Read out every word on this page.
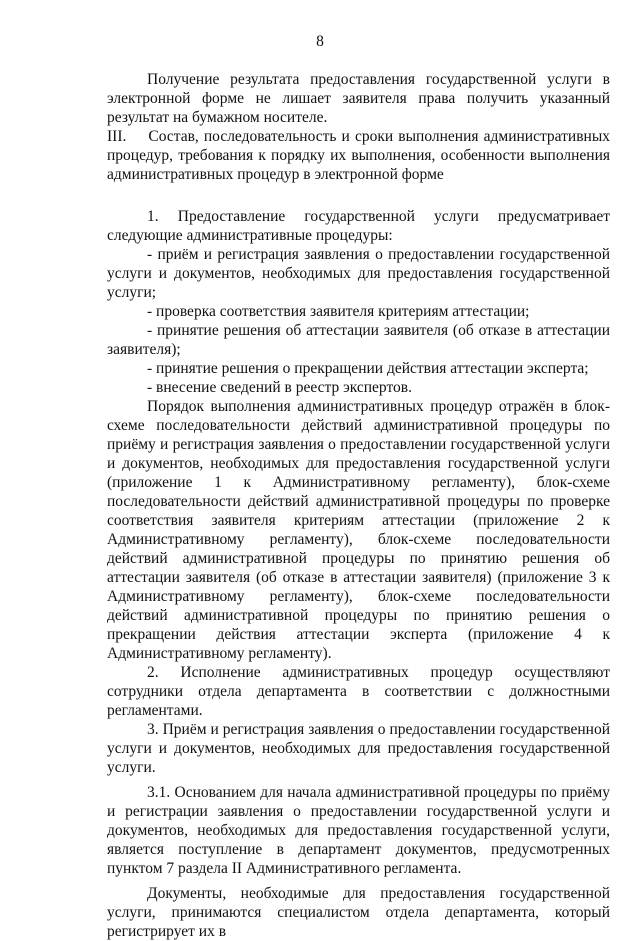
8

Получение результата предоставления государственной услуги в электронной форме не лишает заявителя права получить указанный результат на бумажном носителе.

III. Состав, последовательность и сроки выполнения административных процедур, требования к порядку их выполнения, особенности выполнения административных процедур в электронной форме

1. Предоставление государственной услуги предусматривает следующие административные процедуры:

- приём и регистрация заявления о предоставлении государственной услуги и документов, необходимых для предоставления государственной услуги;

- проверка соответствия заявителя критериям аттестации;

- принятие решения об аттестации заявителя (об отказе в аттестации заявителя);

- принятие решения о прекращении действия аттестации эксперта;

- внесение сведений в реестр экспертов.

Порядок выполнения административных процедур отражён в блок-схеме последовательности действий административной процедуры по приёму и регистрация заявления о предоставлении государственной услуги и документов, необходимых для предоставления государственной услуги (приложение 1 к Административному регламенту), блок-схеме последовательности действий административной процедуры по проверке соответствия заявителя критериям аттестации (приложение 2 к Административному регламенту), блок-схеме последовательности действий административной процедуры по принятию решения об аттестации заявителя (об отказе в аттестации заявителя) (приложение 3 к Административному регламенту), блок-схеме последовательности действий административной процедуры по принятию решения о прекращении действия аттестации эксперта (приложение 4 к Административному регламенту).

2. Исполнение административных процедур осуществляют сотрудники отдела департамента в соответствии с должностными регламентами.

3. Приём и регистрация заявления о предоставлении государственной услуги и документов, необходимых для предоставления государственной услуги.

3.1. Основанием для начала административной процедуры по приёму и регистрации заявления о предоставлении государственной услуги и документов, необходимых для предоставления государственной услуги, является поступление в департамент документов, предусмотренных пунктом 7 раздела II Административного регламента.

Документы, необходимые для предоставления государственной услуги, принимаются специалистом отдела департамента, который регистрирует их в
